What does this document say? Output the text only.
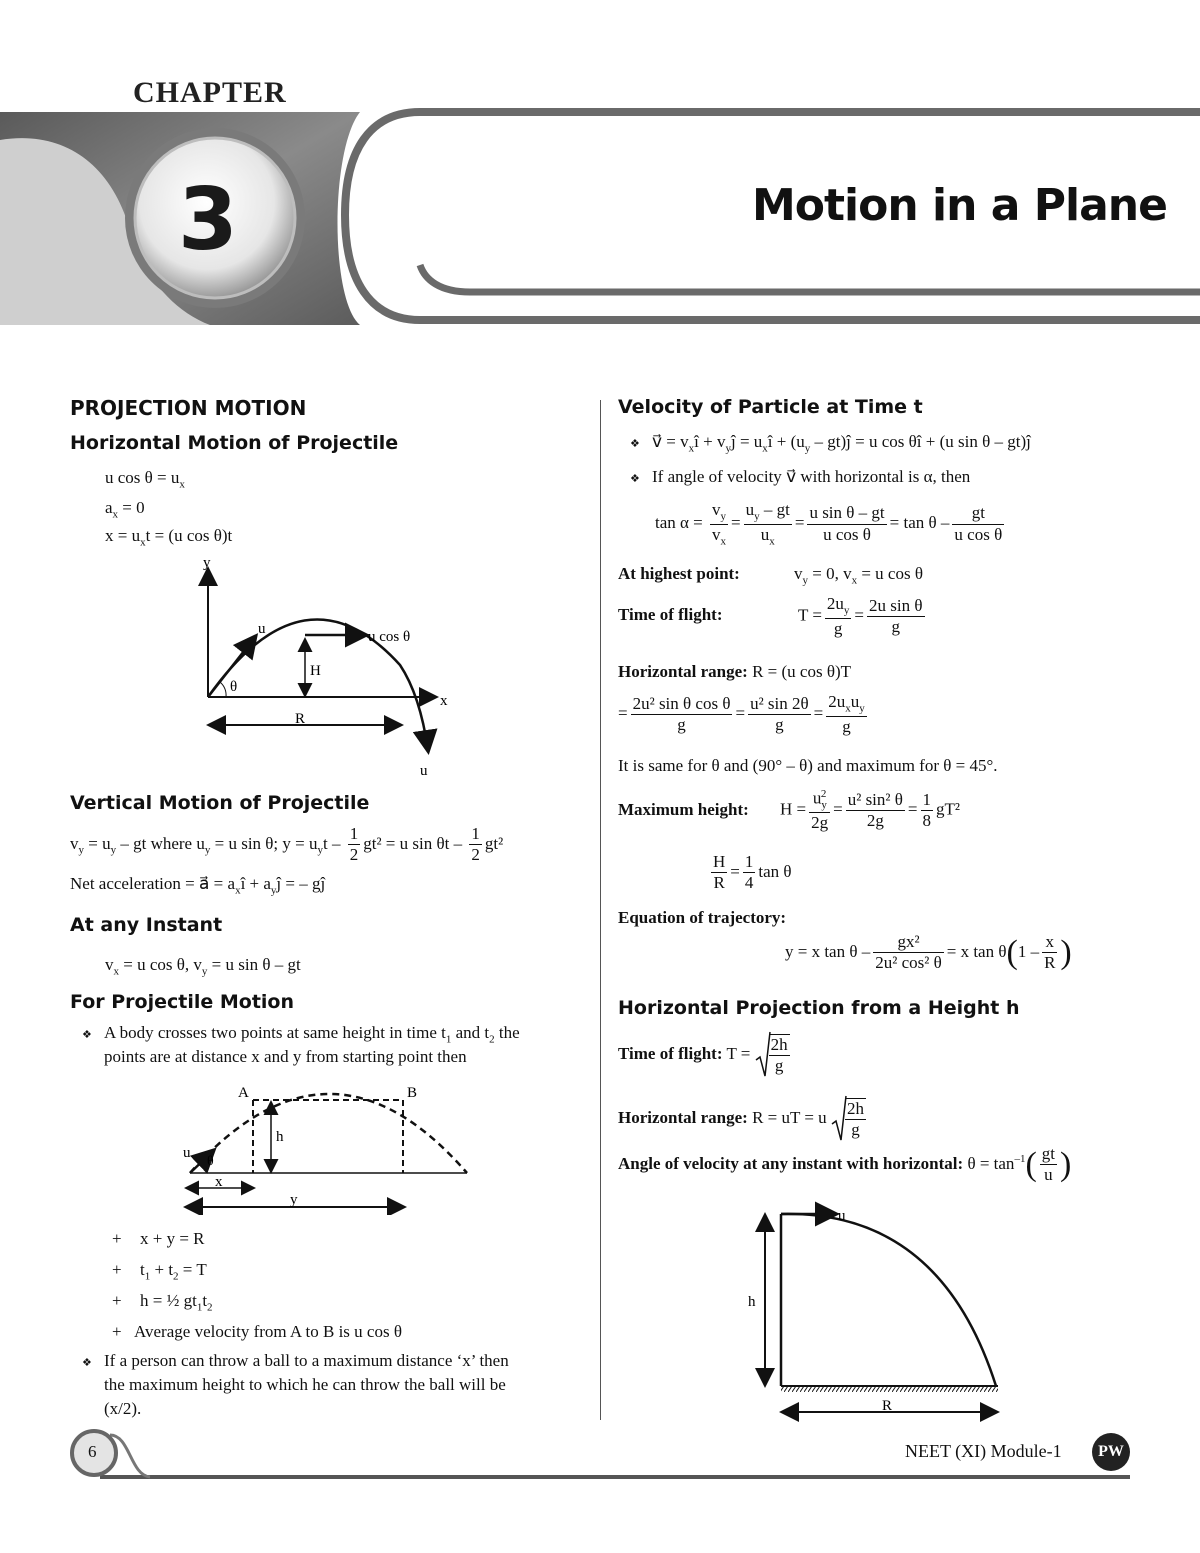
CHAPTER
3	Motion in a Plane
PROJECTION MOTION
Horizontal Motion of Projectile
u $\cos \theta = u_x$
$a_x = 0$
$x = u_xt = (u$ cos θ)t
y
u	u cos θ
H
θ
x
R
u
Vertical Motion of Projectile
$v_y = u_y$ – gt where $u_y = u$ sin θ; $y = u_yt - \frac{1}{2} gt^2 = u$ sin θt – $\frac{1}{2} gt^2$
Net acceleration = a⃗ = $a_xî$ + $a_yĵ$ = – gĵ
At any Instant
$v_x = u$ cos θ, $v_y = u$ sin θ – gt
For Projectile Motion
❖ A body crosses two points at same height in time $t_1$ and $t_2$ the
points are at distance x and y from starting point then
A	B
h
u
θ
x
y
+ x + y = R
+ $t_1 + t_2 = T$
+ h = ½ $gt_1t_2$
+ Average velocity from A to B is u cos θ
❖ If a person can throw a ball to a maximum distance ‘x’ then
the maximum height to which he can throw the ball will be
(x/2).
Velocity of Particle at Time t
❖ v⃗ = $v_xî$ + $v_yĵ$ = $u_xî + (u_y$ – gt)ĵ = u cos θî + (u sin θ – gt)ĵ
❖ If angle of velocity v⃗ with horizontal is α, then
$\tan \alpha = \frac{v_y}{v_x} = \frac{u_y - gt}{u_x} = \frac{\text{u sin θ – gt}}{\text{u cos θ}} = \tan \theta - \frac{gt}{\text{u cos θ}}$
At highest point:	$v_y = 0$, $v_x = u$ cos θ
Time of flight:	$T = \frac{2u_y}{g} = \frac{\text{2u sin θ}}{g}$
Horizontal range: R = (u cos θ)T
= $\frac{\text{2u² sin θ cos θ}}{g} = \frac{\text{u² sin 2θ}}{g} = \frac{2u_xu_y}{g}$
It is same for θ and (90° – θ) and maximum for θ = 45°.
Maximum height: $H = \frac{u_y^2}{2g} = \frac{\text{u² sin² θ}}{2g} = \frac{1}{8} gT^2$
$\frac{H}{R} = \frac{1}{4}$ tan θ
Equation of trajectory:
y = x $\tan \theta - \frac{\text{gx²}}{\text{2u² cos² θ}} = x$ $\tan \theta(1 - \frac{x}{R}$ )
Horizontal Projection from a Height h
Time of flight: $T = \frac{2h}{g}$
Horizontal range: R = uT = u $\frac{2h}{g}$
Angle of velocity at any instant with horizontal: $\theta = \tan^{-1}( \frac{gt}{u}$ )
u
h
R
6	NEET (XI) Module-1	PW
